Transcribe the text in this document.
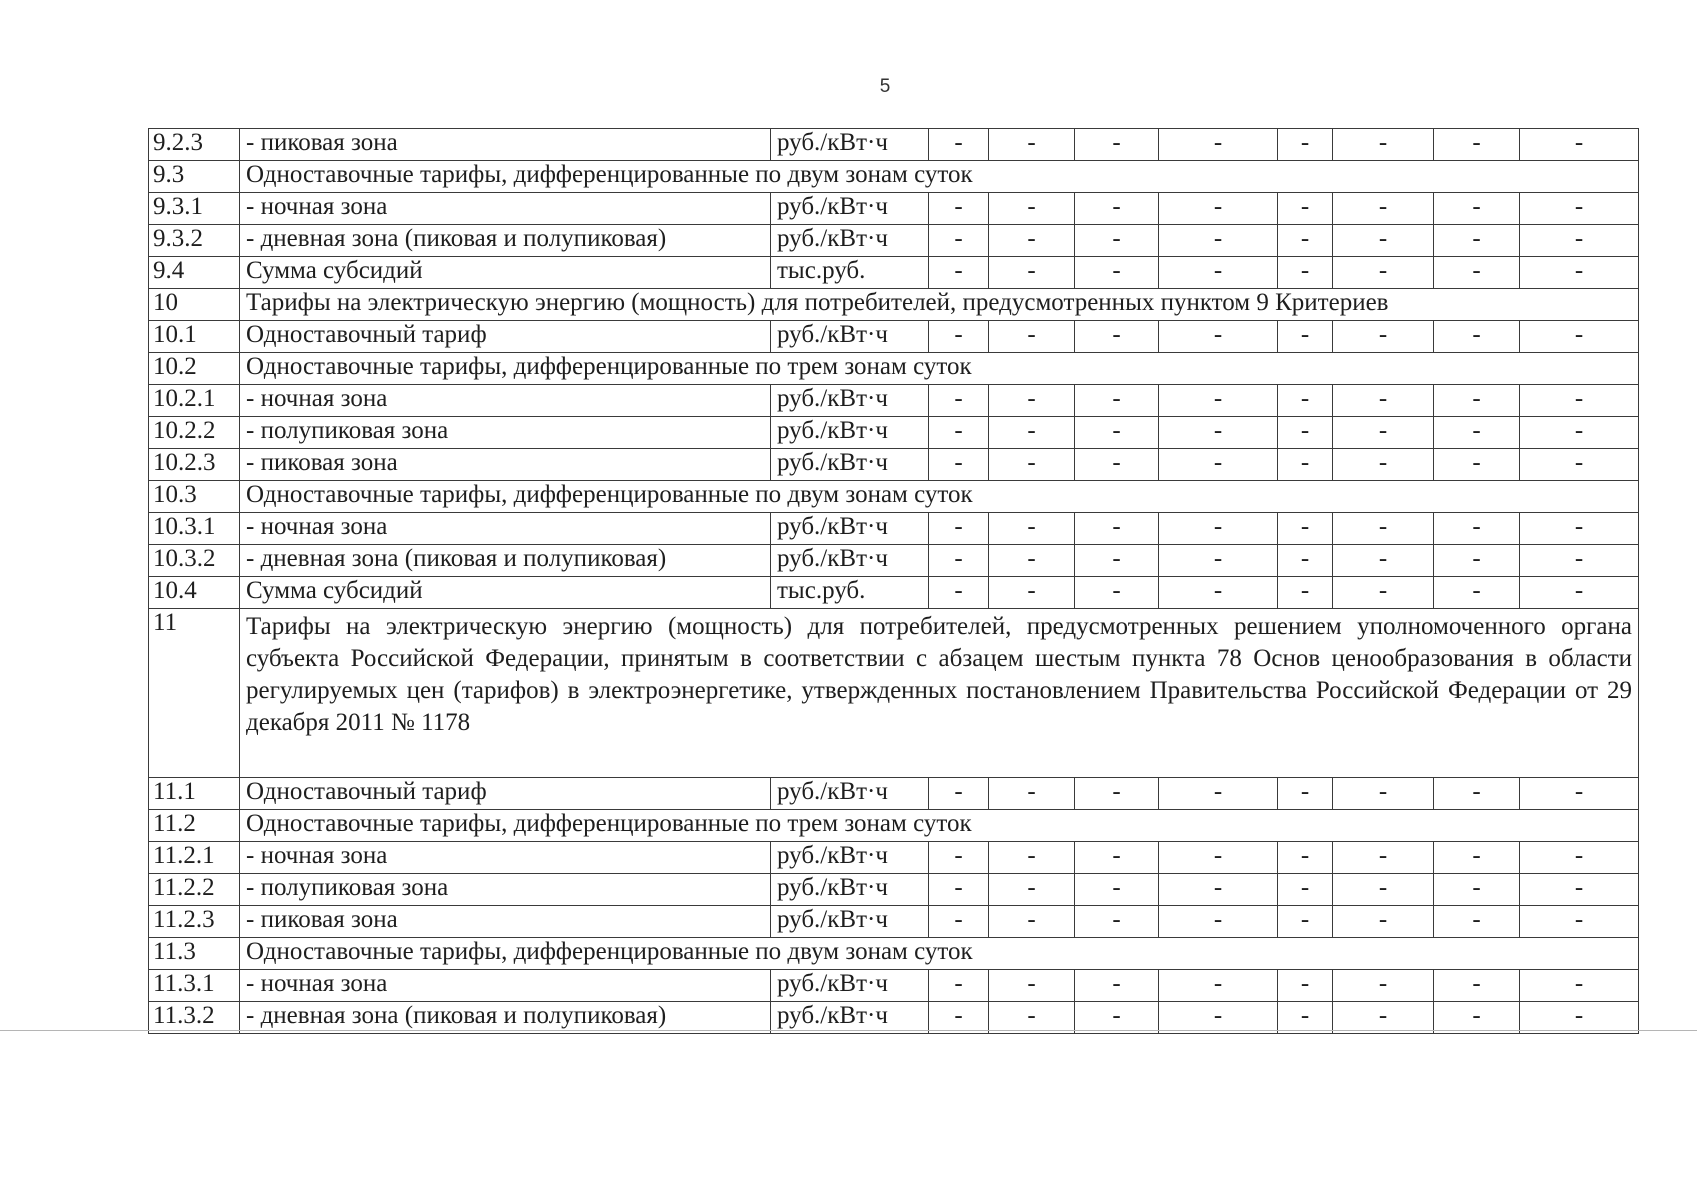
5
9.2.3	- пиковая зона	руб./кВт·ч	-	-	-	-	-	-	-	-
9.3	Одноставочные тарифы, дифференцированные по двум зонам суток									
9.3.1	- ночная зона	руб./кВт·ч	-	-	-	-	-	-	-	-
9.3.2	- дневная зона (пиковая и полупиковая)	руб./кВт·ч	-	-	-	-	-	-	-	-
9.4	Сумма субсидий	тыс.руб.	-	-	-	-	-	-	-	-
10	Тарифы на электрическую энергию (мощность) для потребителей, предусмотренных пунктом 9 Критериев									
10.1	Одноставочный тариф	руб./кВт·ч	-	-	-	-	-	-	-	-
10.2	Одноставочные тарифы, дифференцированные по трем зонам суток									
10.2.1	- ночная зона	руб./кВт·ч	-	-	-	-	-	-	-	-
10.2.2	- полупиковая зона	руб./кВт·ч	-	-	-	-	-	-	-	-
10.2.3	- пиковая зона	руб./кВт·ч	-	-	-	-	-	-	-	-
10.3	Одноставочные тарифы, дифференцированные по двум зонам суток									
10.3.1	- ночная зона	руб./кВт·ч	-	-	-	-	-	-	-	-
10.3.2	- дневная зона (пиковая и полупиковая)	руб./кВт·ч	-	-	-	-	-	-	-	-
10.4	Сумма субсидий	тыс.руб.	-	-	-	-	-	-	-	-
11	Тарифы на электрическую энергию (мощность) для потребителей, предусмотренных решением уполномоченного органа субъекта Российской Федерации, принятым в соответствии с абзацем шестым пункта 78 Основ ценообразования в области регулируемых цен (тарифов) в электроэнергетике, утвержденных постановлением Правительства Российской Федерации от 29 декабря 2011 № 1178									
11.1	Одноставочный тариф	руб./кВт·ч	-	-	-	-	-	-	-	-
11.2	Одноставочные тарифы, дифференцированные по трем зонам суток									
11.2.1	- ночная зона	руб./кВт·ч	-	-	-	-	-	-	-	-
11.2.2	- полупиковая зона	руб./кВт·ч	-	-	-	-	-	-	-	-
11.2.3	- пиковая зона	руб./кВт·ч	-	-	-	-	-	-	-	-
11.3	Одноставочные тарифы, дифференцированные по двум зонам суток									
11.3.1	- ночная зона	руб./кВт·ч	-	-	-	-	-	-	-	-
11.3.2	- дневная зона (пиковая и полупиковая)	руб./кВт·ч	-	-	-	-	-	-	-	-
